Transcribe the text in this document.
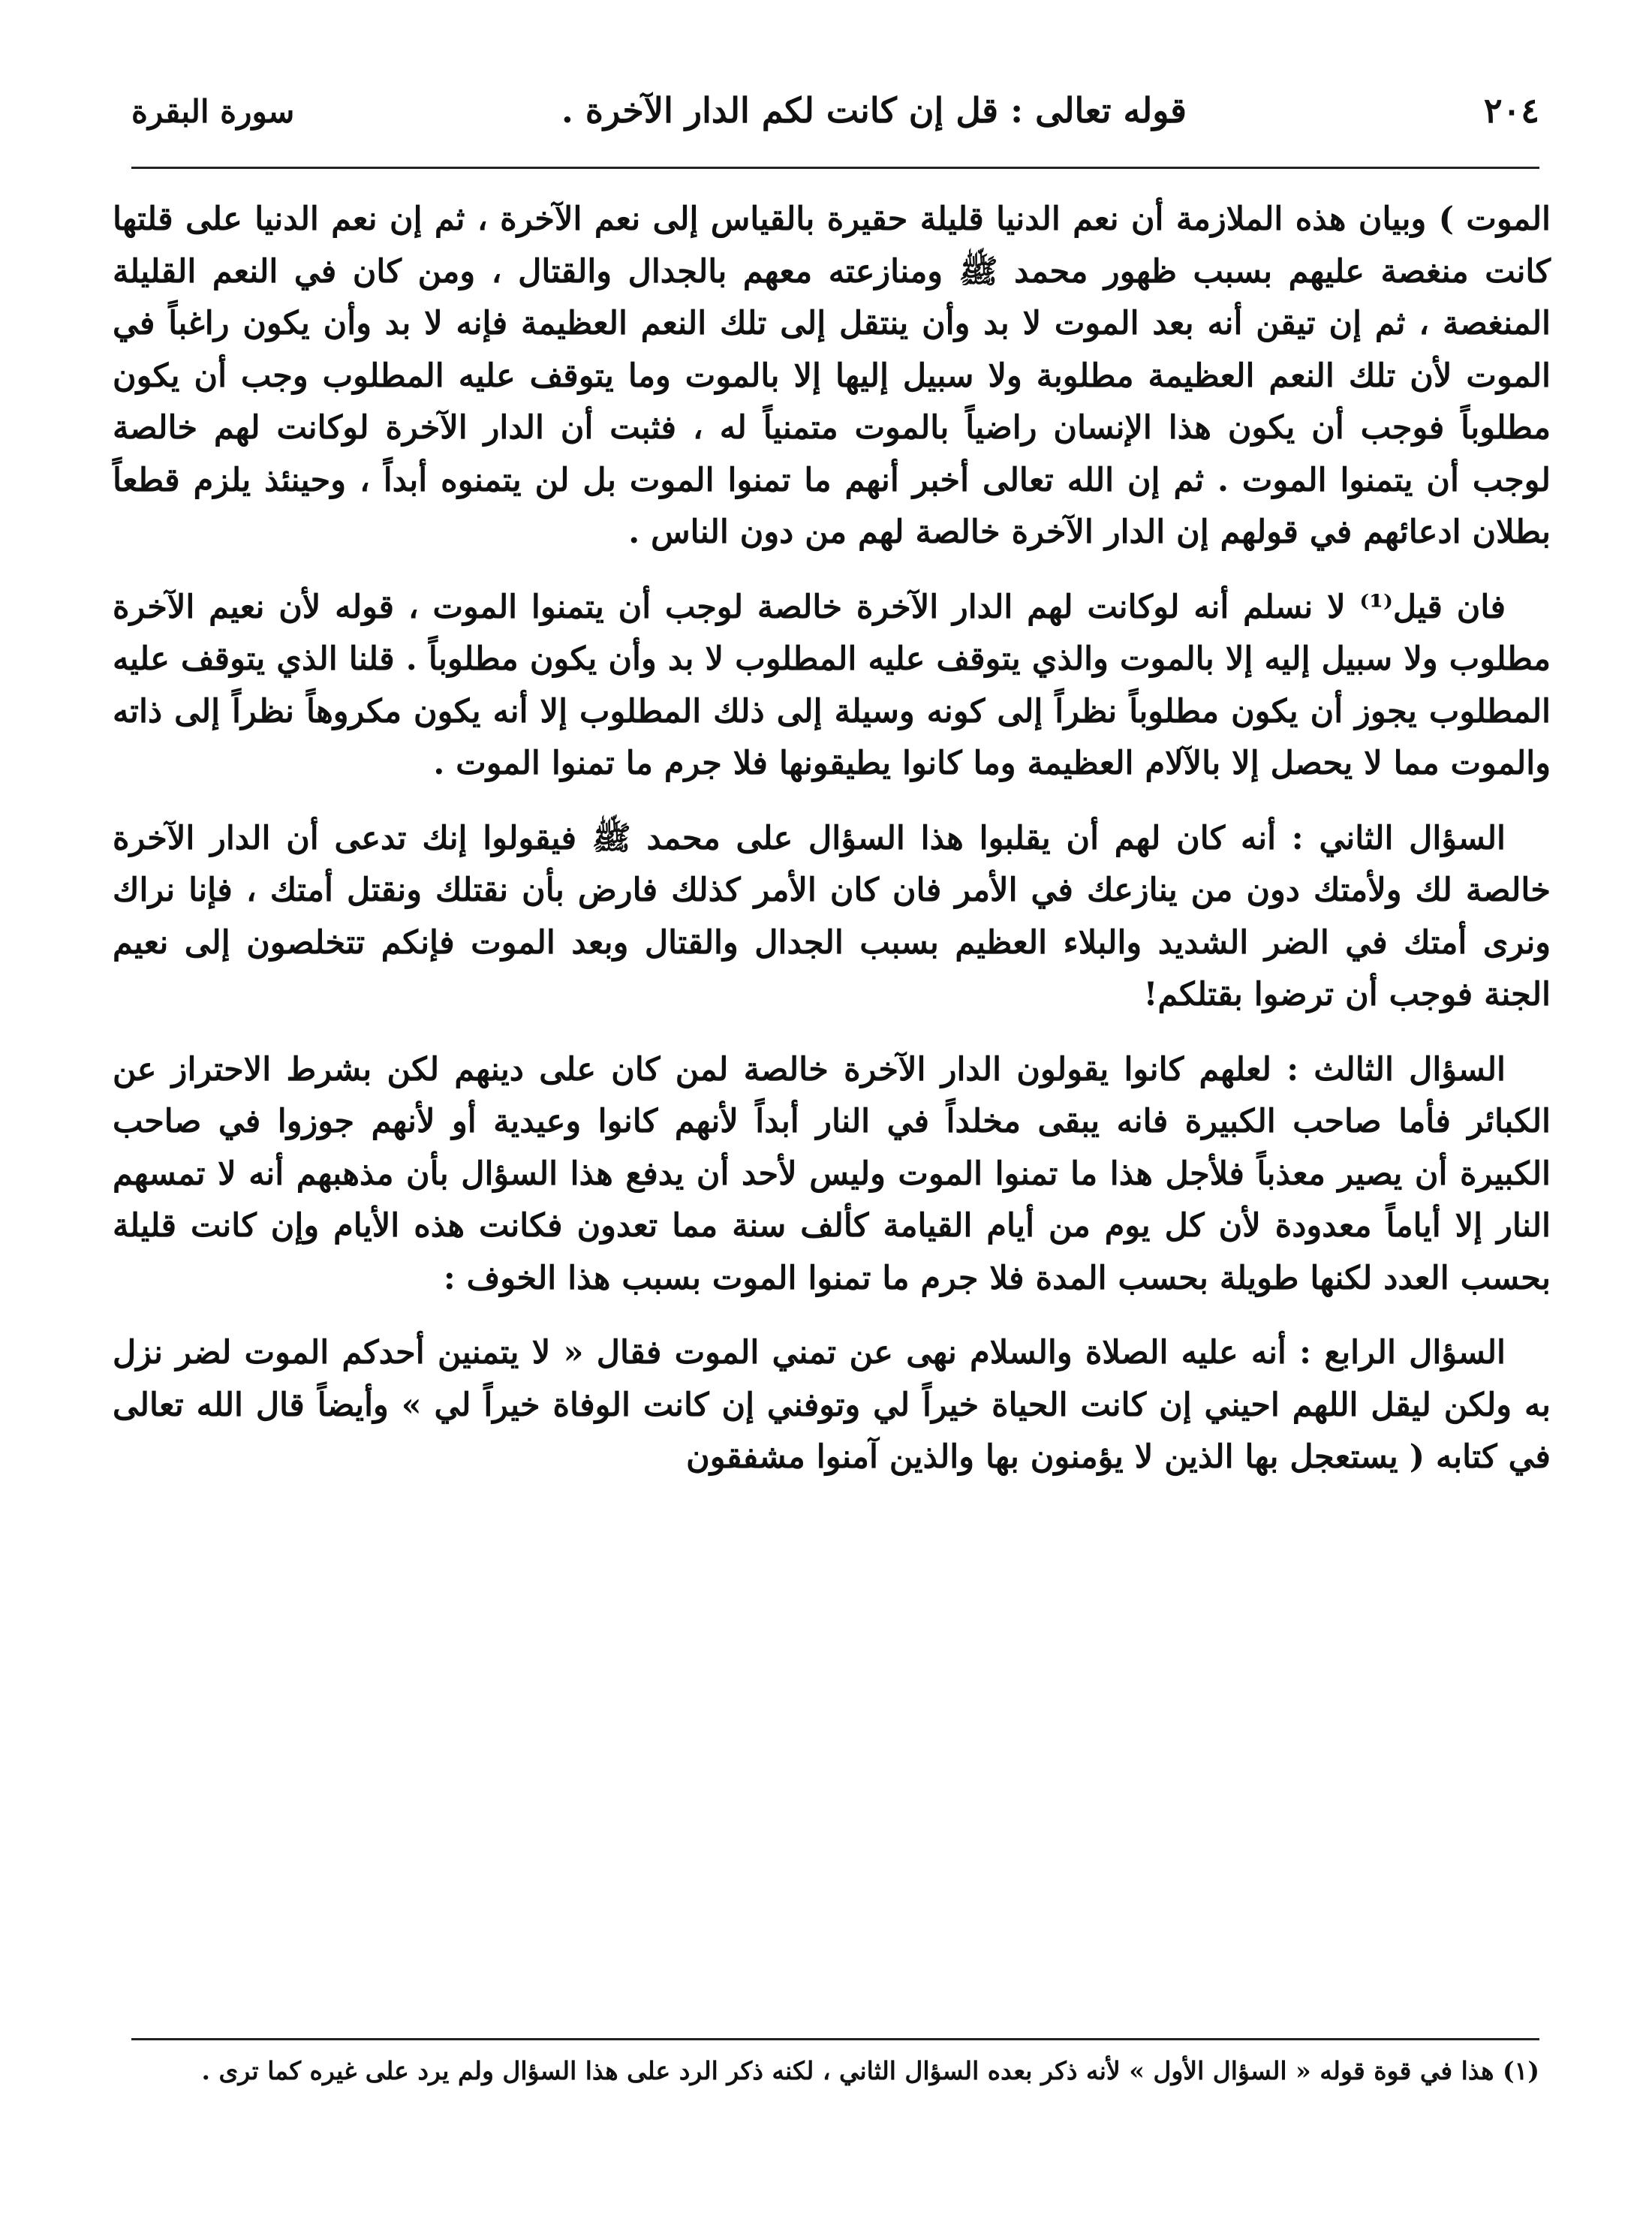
٢٠٤
قوله تعالى : قل إن كانت لكم الدار الآخرة .
سورة البقرة

الموت ) وبيان هذه الملازمة أن نعم الدنيا قليلة حقيرة بالقياس إلى نعم الآخرة ، ثم إن نعم الدنيا على قلتها كانت منغصة عليهم بسبب ظهور محمد ﷺ ومنازعته معهم بالجدال والقتال ، ومن كان في النعم القليلة المنغصة ، ثم إن تيقن أنه بعد الموت لا بد وأن ينتقل إلى تلك النعم العظيمة فإنه لا بد وأن يكون راغباً في الموت لأن تلك النعم العظيمة مطلوبة ولا سبيل إليها إلا بالموت وما يتوقف عليه المطلوب وجب أن يكون مطلوباً فوجب أن يكون هذا الإنسان راضياً بالموت متمنياً له ، فثبت أن الدار الآخرة لوكانت لهم خالصة لوجب أن يتمنوا الموت . ثم إن الله تعالى أخبر أنهم ما تمنوا الموت بل لن يتمنوه أبداً ، وحينئذ يلزم قطعاً بطلان ادعائهم في قولهم إن الدار الآخرة خالصة لهم من دون الناس .

فان قيل⁽¹⁾ لا نسلم أنه لوكانت لهم الدار الآخرة خالصة لوجب أن يتمنوا الموت ، قوله لأن نعيم الآخرة مطلوب ولا سبيل إليه إلا بالموت والذي يتوقف عليه المطلوب لا بد وأن يكون مطلوباً . قلنا الذي يتوقف عليه المطلوب يجوز أن يكون مطلوباً نظراً إلى كونه وسيلة إلى ذلك المطلوب إلا أنه يكون مكروهاً نظراً إلى ذاته والموت مما لا يحصل إلا بالآلام العظيمة وما كانوا يطيقونها فلا جرم ما تمنوا الموت .

السؤال الثاني : أنه كان لهم أن يقلبوا هذا السؤال على محمد ﷺ فيقولوا إنك تدعى أن الدار الآخرة خالصة لك ولأمتك دون من ينازعك في الأمر فان كان الأمر كذلك فارض بأن نقتلك ونقتل أمتك ، فإنا نراك ونرى أمتك في الضر الشديد والبلاء العظيم بسبب الجدال والقتال وبعد الموت فإنكم تتخلصون إلى نعيم الجنة فوجب أن ترضوا بقتلكم!

السؤال الثالث : لعلهم كانوا يقولون الدار الآخرة خالصة لمن كان على دينهم لكن بشرط الاحتراز عن الكبائر فأما صاحب الكبيرة فانه يبقى مخلداً في النار أبداً لأنهم كانوا وعيدية أو لأنهم جوزوا في صاحب الكبيرة أن يصير معذباً فلأجل هذا ما تمنوا الموت وليس لأحد أن يدفع هذا السؤال بأن مذهبهم أنه لا تمسهم النار إلا أياماً معدودة لأن كل يوم من أيام القيامة كألف سنة مما تعدون فكانت هذه الأيام وإن كانت قليلة بحسب العدد لكنها طويلة بحسب المدة فلا جرم ما تمنوا الموت بسبب هذا الخوف :

السؤال الرابع : أنه عليه الصلاة والسلام نهى عن تمني الموت فقال « لا يتمنين أحدكم الموت لضر نزل به ولكن ليقل اللهم احيني إن كانت الحياة خيراً لي وتوفني إن كانت الوفاة خيراً لي » وأيضاً قال الله تعالى في كتابه ( يستعجل بها الذين لا يؤمنون بها والذين آمنوا مشفقون

(١) هذا في قوة قوله « السؤال الأول » لأنه ذكر بعده السؤال الثاني ، لكنه ذكر الرد على هذا السؤال ولم يرد على غيره كما ترى .
